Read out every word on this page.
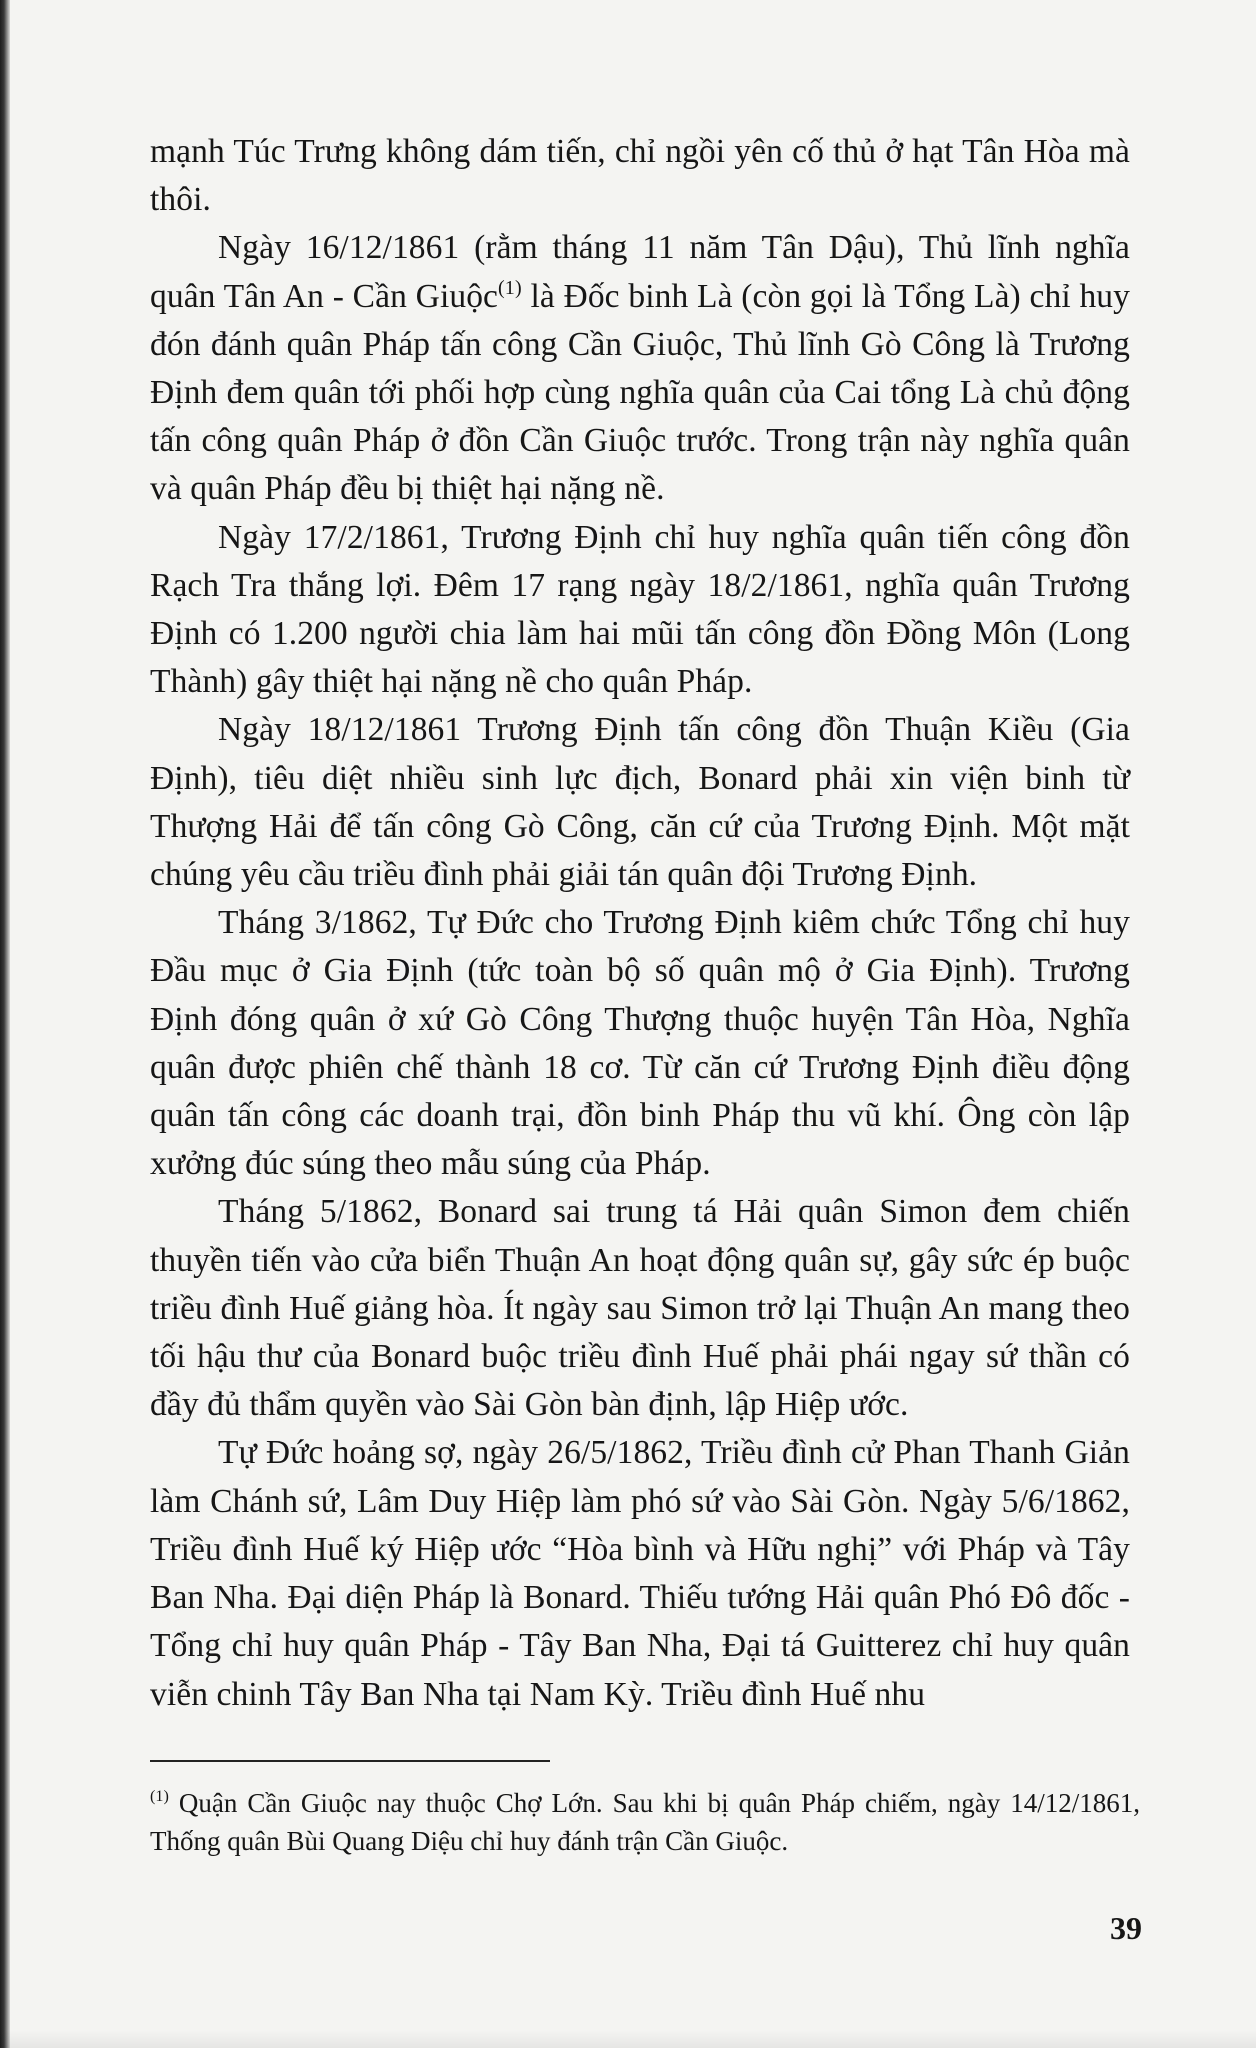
mạnh Túc Trưng không dám tiến, chỉ ngồi yên cố thủ ở hạt Tân Hòa mà thôi.

Ngày 16/12/1861 (rằm tháng 11 năm Tân Dậu), Thủ lĩnh nghĩa quân Tân An - Cần Giuộc$^{(1)}$ là Đốc binh Là (còn gọi là Tổng Là) chỉ huy đón đánh quân Pháp tấn công Cần Giuộc, Thủ lĩnh Gò Công là Trương Định đem quân tới phối hợp cùng nghĩa quân của Cai tổng Là chủ động tấn công quân Pháp ở đồn Cần Giuộc trước. Trong trận này nghĩa quân và quân Pháp đều bị thiệt hại nặng nề.

Ngày 17/2/1861, Trương Định chỉ huy nghĩa quân tiến công đồn Rạch Tra thắng lợi. Đêm 17 rạng ngày 18/2/1861, nghĩa quân Trương Định có 1.200 người chia làm hai mũi tấn công đồn Đồng Môn (Long Thành) gây thiệt hại nặng nề cho quân Pháp.

Ngày 18/12/1861 Trương Định tấn công đồn Thuận Kiều (Gia Định), tiêu diệt nhiều sinh lực địch, Bonard phải xin viện binh từ Thượng Hải để tấn công Gò Công, căn cứ của Trương Định. Một mặt chúng yêu cầu triều đình phải giải tán quân đội Trương Định.

Tháng 3/1862, Tự Đức cho Trương Định kiêm chức Tổng chỉ huy Đầu mục ở Gia Định (tức toàn bộ số quân mộ ở Gia Định). Trương Định đóng quân ở xứ Gò Công Thượng thuộc huyện Tân Hòa, Nghĩa quân được phiên chế thành 18 cơ. Từ căn cứ Trương Định điều động quân tấn công các doanh trại, đồn binh Pháp thu vũ khí. Ông còn lập xưởng đúc súng theo mẫu súng của Pháp.

Tháng 5/1862, Bonard sai trung tá Hải quân Simon đem chiến thuyền tiến vào cửa biển Thuận An hoạt động quân sự, gây sức ép buộc triều đình Huế giảng hòa. Ít ngày sau Simon trở lại Thuận An mang theo tối hậu thư của Bonard buộc triều đình Huế phải phái ngay sứ thần có đầy đủ thẩm quyền vào Sài Gòn bàn định, lập Hiệp ước.

Tự Đức hoảng sợ, ngày 26/5/1862, Triều đình cử Phan Thanh Giản làm Chánh sứ, Lâm Duy Hiệp làm phó sứ vào Sài Gòn. Ngày 5/6/1862, Triều đình Huế ký Hiệp ước “Hòa bình và Hữu nghị” với Pháp và Tây Ban Nha. Đại diện Pháp là Bonard. Thiếu tướng Hải quân Phó Đô đốc - Tổng chỉ huy quân Pháp - Tây Ban Nha, Đại tá Guitterez chỉ huy quân viễn chinh Tây Ban Nha tại Nam Kỳ. Triều đình Huế nhu

$^{(1)}$ Quận Cần Giuộc nay thuộc Chợ Lớn. Sau khi bị quân Pháp chiếm, ngày 14/12/1861, Thống quân Bùi Quang Diệu chỉ huy đánh trận Cần Giuộc.

39
